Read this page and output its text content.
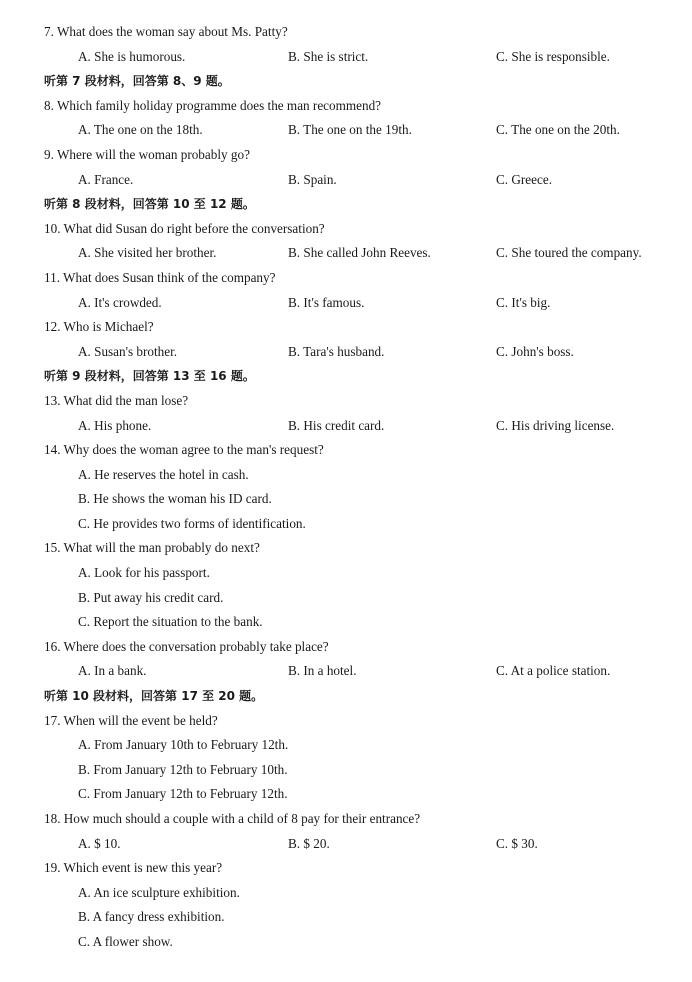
7. What does the woman say about Ms. Patty?
A. She is humorous.	B. She is strict.	C. She is responsible.
听第 7 段材料，回答第 8、9 题。
8. Which family holiday programme does the man recommend?
A. The one on the 18th.	B. The one on the 19th.	C. The one on the 20th.
9. Where will the woman probably go?
A. France.	B. Spain.	C. Greece.
听第 8 段材料，回答第 10 至 12 题。
10. What did Susan do right before the conversation?
A. She visited her brother.	B. She called John Reeves.	C. She toured the company.
11. What does Susan think of the company?
A. It's crowded.	B. It's famous.	C. It's big.
12. Who is Michael?
A. Susan's brother.	B. Tara's husband.	C. John's boss.
听第 9 段材料，回答第 13 至 16 题。
13. What did the man lose?
A. His phone.	B. His credit card.	C. His driving license.
14. Why does the woman agree to the man's request?
A. He reserves the hotel in cash.
B. He shows the woman his ID card.
C. He provides two forms of identification.
15. What will the man probably do next?
A. Look for his passport.
B. Put away his credit card.
C. Report the situation to the bank.
16. Where does the conversation probably take place?
A. In a bank.	B. In a hotel.	C. At a police station.
听第 10 段材料，回答第 17 至 20 题。
17. When will the event be held?
A. From January 10th to February 12th.
B. From January 12th to February 10th.
C. From January 12th to February 12th.
18. How much should a couple with a child of 8 pay for their entrance?
A. $ 10.	B. $ 20.	C. $ 30.
19. Which event is new this year?
A. An ice sculpture exhibition.
B. A fancy dress exhibition.
C. A flower show.
